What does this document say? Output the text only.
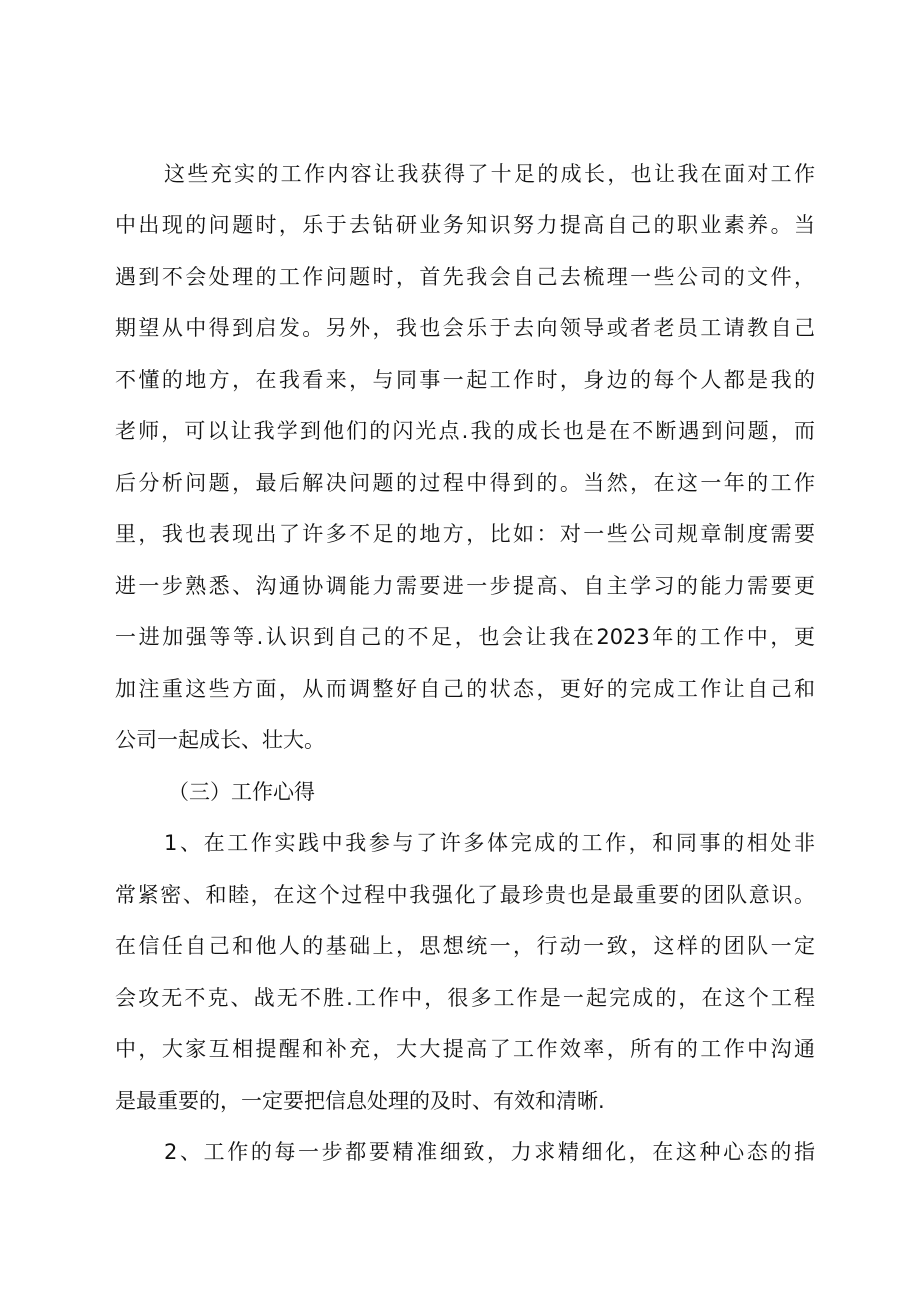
这些充实的工作内容让我获得了十足的成长，也让我在面对工作
中出现的问题时，乐于去钻研业务知识努力提高自己的职业素养。当
遇到不会处理的工作问题时，首先我会自己去梳理一些公司的文件，
期望从中得到启发。另外，我也会乐于去向领导或者老员工请教自己
不懂的地方，在我看来，与同事一起工作时，身边的每个人都是我的
老师，可以让我学到他们的闪光点.我的成长也是在不断遇到问题，而
后分析问题，最后解决问题的过程中得到的。当然，在这一年的工作
里，我也表现出了许多不足的地方，比如：对一些公司规章制度需要
进一步熟悉、沟通协调能力需要进一步提高、自主学习的能力需要更
一进加强等等.认识到自己的不足，也会让我在2023年的工作中，更
加注重这些方面，从而调整好自己的状态，更好的完成工作让自己和
公司一起成长、壮大。
（三）工作心得
1、在工作实践中我参与了许多体完成的工作，和同事的相处非
常紧密、和睦，在这个过程中我强化了最珍贵也是最重要的团队意识。
在信任自己和他人的基础上，思想统一，行动一致，这样的团队一定
会攻无不克、战无不胜.工作中，很多工作是一起完成的，在这个工程
中，大家互相提醒和补充，大大提高了工作效率，所有的工作中沟通
是最重要的，一定要把信息处理的及时、有效和清晰.
2、工作的每一步都要精准细致，力求精细化，在这种心态的指
